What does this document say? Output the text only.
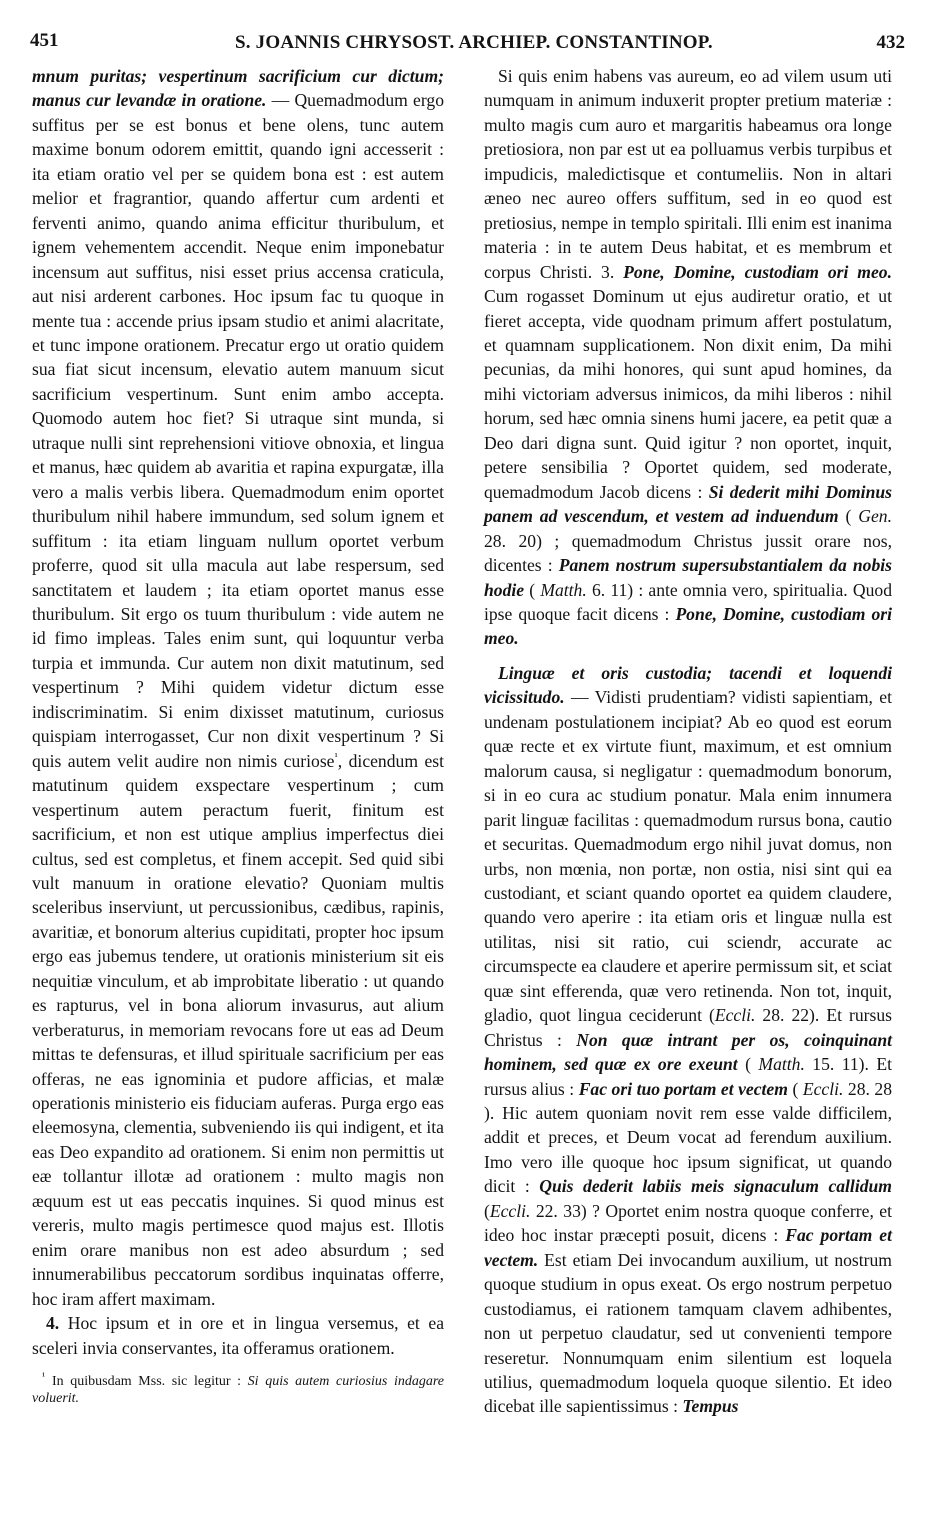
451	S. JOANNIS CHRYSOST. ARCHIEP. CONSTANTINOP.	432

mnum puritas; vespertinum sacrificium cur dictum; manus cur levandæ in oratione. — Quemadmodum ergo suffitus per se est bonus et bene olens, tunc autem maxime bonum odorem emittit, quando igni accesserit : ita etiam oratio vel per se quidem bona est : est autem melior et fragrantior, quando affertur cum ardenti et ferventi animo, quando anima efficitur thuribulum, et ignem vehementem accendit. Neque enim imponebatur incensum aut suffitus, nisi esset prius accensa craticula, aut nisi arderent carbones. Hoc ipsum fac tu quoque in mente tua : accende prius ipsam studio et animi alacritate, et tunc impone orationem. Precatur ergo ut oratio quidem sua fiat sicut incensum, elevatio autem manuum sicut sacrificium vespertinum. Sunt enim ambo accepta. Quomodo autem hoc fiet? Si utraque sint munda, si utraque nulli sint reprehensioni vitiove obnoxia, et lingua et manus, hæc quidem ab avaritia et rapina expurgatæ, illa vero a malis verbis libera. Quemadmodum enim oportet thuribulum nihil habere immundum, sed solum ignem et suffitum : ita etiam linguam nullum oportet verbum proferre, quod sit ulla macula aut labe respersum, sed sanctitatem et laudem ; ita etiam oportet manus esse thuribulum. Sit ergo os tuum thuribulum : vide autem ne id fimo impleas. Tales enim sunt, qui loquuntur verba turpia et immunda. Cur autem non dixit matutinum, sed vespertinum ? Mihi quidem videtur dictum esse indiscriminatim. Si enim dixisset matutinum, curiosus quispiam interrogasset, Cur non dixit vespertinum ? Si quis autem velit audire non nimis curiose$^{^1}$, dicendum est matutinum quidem exspectare vespertinum ; cum vespertinum autem peractum fuerit, finitum est sacrificium, et non est utique amplius imperfectus diei cultus, sed est completus, et finem accepit. Sed quid sibi vult manuum in oratione elevatio? Quoniam multis sceleribus inserviunt, ut percussionibus, cædibus, rapinis, avaritiæ, et bonorum alterius cupiditati, propter hoc ipsum ergo eas jubemus tendere, ut orationis ministerium sit eis nequitiæ vinculum, et ab improbitate liberatio : ut quando es rapturus, vel in bona aliorum invasurus, aut alium verberaturus, in memoriam revocans fore ut eas ad Deum mittas te defensuras, et illud spirituale sacrificium per eas offeras, ne eas ignominia et pudore afficias, et malæ operationis ministerio eis fiduciam auferas. Purga ergo eas eleemosyna, clementia, subveniendo iis qui indigent, et ita eas Deo expandito ad orationem. Si enim non permittis ut eæ tollantur illotæ ad orationem : multo magis non æquum est ut eas peccatis inquines. Si quod minus est vereris, multo magis pertimesce quod majus est. Illotis enim orare manibus non est adeo absurdum ; sed innumerabilibus peccatorum sordibus inquinatas offerre, hoc iram affert maximam.

4. Hoc ipsum et in ore et in lingua versemus, et ea sceleri invia conservantes, ita offeramus orationem.

$^{^1}$ In quibusdam Mss. sic legitur : Si quis autem curiosius indagare voluerit.

Si quis enim habens vas aureum, eo ad vilem usum uti numquam in animum induxerit propter pretium materiæ : multo magis cum auro et margaritis habeamus ora longe pretiosiora, non par est ut ea polluamus verbis turpibus et impudicis, maledictisque et contumeliis. Non in altari æneo nec aureo offers suffitum, sed in eo quod est pretiosius, nempe in templo spiritali. Illi enim est inanima materia : in te autem Deus habitat, et es membrum et corpus Christi. 3. Pone, Domine, custodiam ori meo. Cum rogasset Dominum ut ejus audiretur oratio, et ut fieret accepta, vide quodnam primum affert postulatum, et quamnam supplicationem. Non dixit enim, Da mihi pecunias, da mihi honores, qui sunt apud homines, da mihi victoriam adversus inimicos, da mihi liberos : nihil horum, sed hæc omnia sinens humi jacere, ea petit quæ a Deo dari digna sunt. Quid igitur ? non oportet, inquit, petere sensibilia ? Oportet quidem, sed moderate, quemadmodum Jacob dicens : Si dederit mihi Dominus panem ad vescendum, et vestem ad induendum ( Gen. 28. 20) ; quemadmodum Christus jussit orare nos, dicentes : Panem nostrum supersubstantialem da nobis hodie ( Matth. 6. 11) : ante omnia vero, spiritualia. Quod ipse quoque facit dicens : Pone, Domine, custodiam ori meo.

Linguæ et oris custodia; tacendi et loquendi vicissitudo. — Vidisti prudentiam? vidisti sapientiam, et undenam postulationem incipiat? Ab eo quod est eorum quæ recte et ex virtute fiunt, maximum, et est omnium malorum causa, si negligatur : quemadmodum bonorum, si in eo cura ac studium ponatur. Mala enim innumera parit linguæ facilitas : quemadmodum rursus bona, cautio et securitas. Quemadmodum ergo nihil juvat domus, non urbs, non mœnia, non portæ, non ostia, nisi sint qui ea custodiant, et sciant quando oportet ea quidem claudere, quando vero aperire : ita etiam oris et linguæ nulla est utilitas, nisi sit ratio, cui sciendr, accurate ac circumspecte ea claudere et aperire permissum sit, et sciat quæ sint efferenda, quæ vero retinenda. Non tot, inquit, gladio, quot lingua ceciderunt (Eccli. 28. 22). Et rursus Christus : Non quæ intrant per os, coinquinant hominem, sed quæ ex ore exeunt ( Matth. 15. 11). Et rursus alius : Fac ori tuo portam et vectem ( Eccli. 28. 28 ). Hic autem quoniam novit rem esse valde difficilem, addit et preces, et Deum vocat ad ferendum auxilium. Imo vero ille quoque hoc ipsum significat, ut quando dicit : Quis dederit labiis meis signaculum callidum (Eccli. 22. 33) ? Oportet enim nostra quoque conferre, et ideo hoc instar præcepti posuit, dicens : Fac portam et vectem. Est etiam Dei invocandum auxilium, ut nostrum quoque studium in opus exeat. Os ergo nostrum perpetuo custodiamus, ei rationem tamquam clavem adhibentes, non ut perpetuo claudatur, sed ut convenienti tempore reseretur. Nonnumquam enim silentium est loquela utilius, quemadmodum loquela quoque silentio. Et ideo dicebat ille sapientissimus : Tempus
